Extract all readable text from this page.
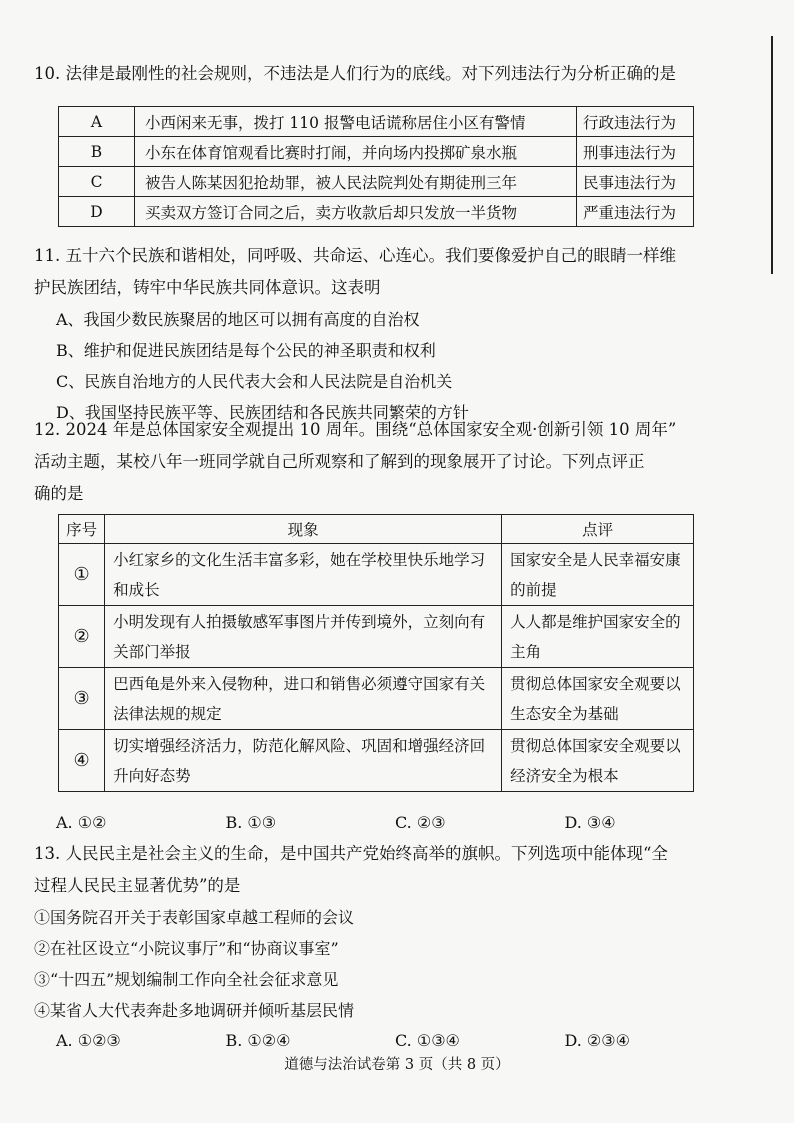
10. 法律是最刚性的社会规则，不违法是人们行为的底线。对下列违法行为分析正确的是

A	小西闲来无事，拨打 110 报警电话谎称居住小区有警情	行政违法行为
B	小东在体育馆观看比赛时打闹，并向场内投掷矿泉水瓶	刑事违法行为
C	被告人陈某因犯抢劫罪，被人民法院判处有期徒刑三年	民事违法行为
D	买卖双方签订合同之后，卖方收款后却只发放一半货物	严重违法行为

11. 五十六个民族和谐相处，同呼吸、共命运、心连心。我们要像爱护自己的眼睛一样维

护民族团结，铸牢中华民族共同体意识。这表明

A、我国少数民族聚居的地区可以拥有高度的自治权

B、维护和促进民族团结是每个公民的神圣职责和权利

C、民族自治地方的人民代表大会和人民法院是自治机关

D、我国坚持民族平等、民族团结和各民族共同繁荣的方针

12. 2024 年是总体国家安全观提出 10 周年。围绕“总体国家安全观·创新引领 10 周年”

活动主题，某校八年一班同学就自己所观察和了解到的现象展开了讨论。下列点评正

确的是

序号	现象	点评
①	小红家乡的文化生活丰富多彩，她在学校里快乐地学习和成长	国家安全是人民幸福安康的前提
②	小明发现有人拍摄敏感军事图片并传到境外，立刻向有关部门举报	人人都是维护国家安全的主角
③	巴西龟是外来入侵物种，进口和销售必须遵守国家有关法律法规的规定	贯彻总体国家安全观要以生态安全为基础
④	切实增强经济活力，防范化解风险、巩固和增强经济回升向好态势	贯彻总体国家安全观要以经济安全为根本
A. ①②	B. ①③	C. ②③	D. ③④

13. 人民民主是社会主义的生命，是中国共产党始终高举的旗帜。下列选项中能体现“全

过程人民民主显著优势”的是

①国务院召开关于表彰国家卓越工程师的会议

②在社区设立“小院议事厅”和“协商议事室”

③“十四五”规划编制工作向全社会征求意见

④某省人大代表奔赴多地调研并倾听基层民情

A. ①②③	B. ①②④	C. ①③④	D. ②③④
道德与法治试卷第 3 页（共 8 页）
